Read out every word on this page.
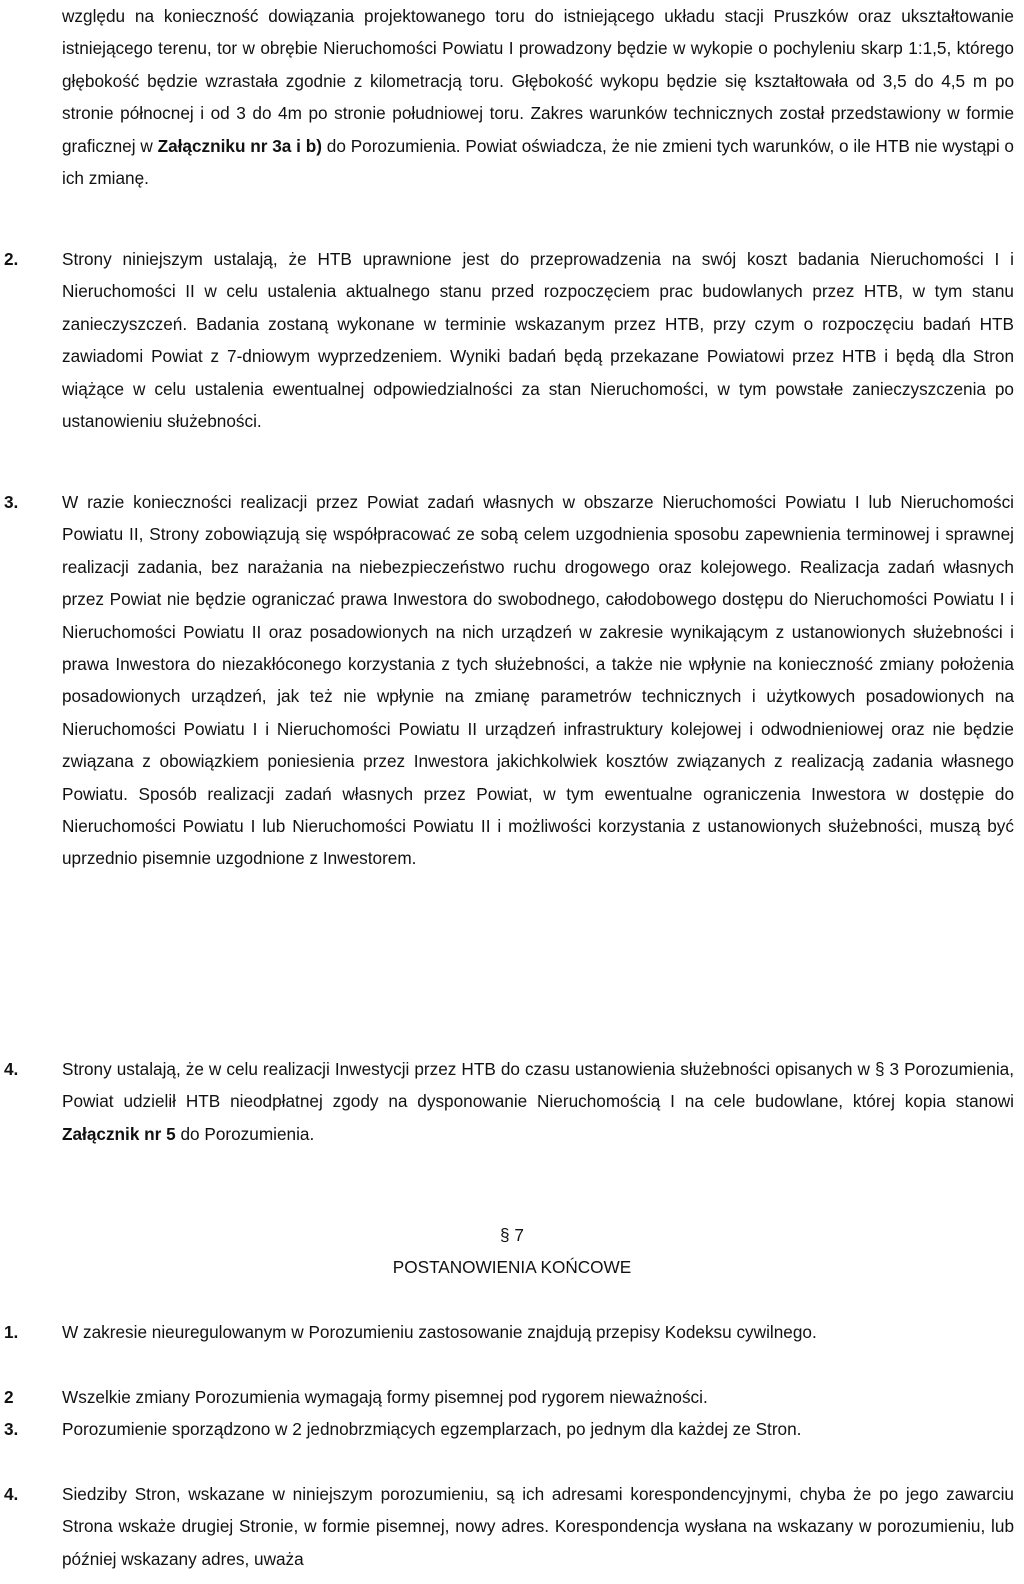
względu na konieczność dowiązania projektowanego toru do istniejącego układu stacji Pruszków oraz ukształtowanie istniejącego terenu, tor w obrębie Nieruchomości Powiatu I prowadzony będzie w wykopie o pochyleniu skarp 1:1,5, którego głębokość będzie wzrastała zgodnie z kilometracją toru. Głębokość wykopu będzie się kształtowała od 3,5 do 4,5 m po stronie północnej i od 3 do 4m po stronie południowej toru. Zakres warunków technicznych został przedstawiony w formie graficznej w Załączniku nr 3a i b) do Porozumienia. Powiat oświadcza, że nie zmieni tych warunków, o ile HTB nie wystąpi o ich zmianę.
2.	Strony niniejszym ustalają, że HTB uprawnione jest do przeprowadzenia na swój koszt badania Nieruchomości I i Nieruchomości II w celu ustalenia aktualnego stanu przed rozpoczęciem prac budowlanych przez HTB, w tym stanu zanieczyszczeń. Badania zostaną wykonane w terminie wskazanym przez HTB, przy czym o rozpoczęciu badań HTB zawiadomi Powiat z 7-dniowym wyprzedzeniem. Wyniki badań będą przekazane Powiatowi przez HTB i będą dla Stron wiążące w celu ustalenia ewentualnej odpowiedzialności za stan Nieruchomości, w tym powstałe zanieczyszczenia po ustanowieniu służebności.
3.	W razie konieczności realizacji przez Powiat zadań własnych w obszarze Nieruchomości Powiatu I lub Nieruchomości Powiatu II, Strony zobowiązują się współpracować ze sobą celem uzgodnienia sposobu zapewnienia terminowej i sprawnej realizacji zadania, bez narażania na niebezpieczeństwo ruchu drogowego oraz kolejowego. Realizacja zadań własnych przez Powiat nie będzie ograniczać prawa Inwestora do swobodnego, całodobowego dostępu do Nieruchomości Powiatu I i Nieruchomości Powiatu II oraz posadowionych na nich urządzeń w zakresie wynikającym z ustanowionych służebności i prawa Inwestora do niezakłóconego korzystania z tych służebności, a także nie wpłynie na konieczność zmiany położenia posadowionych urządzeń, jak też nie wpłynie na zmianę parametrów technicznych i użytkowych posadowionych na Nieruchomości Powiatu I i Nieruchomości Powiatu II urządzeń infrastruktury kolejowej i odwodnieniowej oraz nie będzie związana z obowiązkiem poniesienia przez Inwestora jakichkolwiek kosztów związanych z realizacją zadania własnego Powiatu. Sposób realizacji zadań własnych przez Powiat, w tym ewentualne ograniczenia Inwestora w dostępie do Nieruchomości Powiatu I lub Nieruchomości Powiatu II i możliwości korzystania z ustanowionych służebności, muszą być uprzednio pisemnie uzgodnione z Inwestorem.
4.	Strony ustalają, że w celu realizacji Inwestycji przez HTB do czasu ustanowienia służebności opisanych w § 3 Porozumienia, Powiat udzielił HTB nieodpłatnej zgody na dysponowanie Nieruchomością I na cele budowlane, której kopia stanowi Załącznik nr 5 do Porozumienia.
§ 7
POSTANOWIENIA KOŃCOWE
1.	W zakresie nieuregulowanym w Porozumieniu zastosowanie znajdują przepisy Kodeksu cywilnego.
2	Wszelkie zmiany Porozumienia wymagają formy pisemnej pod rygorem nieważności.
3.	Porozumienie sporządzono w 2 jednobrzmiących egzemplarzach, po jednym dla każdej ze Stron.
4.	Siedziby Stron, wskazane w niniejszym porozumieniu, są ich adresami korespondencyjnymi, chyba że po jego zawarciu Strona wskaże drugiej Stronie, w formie pisemnej, nowy adres. Korespondencja wysłana na wskazany w porozumieniu, lub później wskazany adres, uważa
